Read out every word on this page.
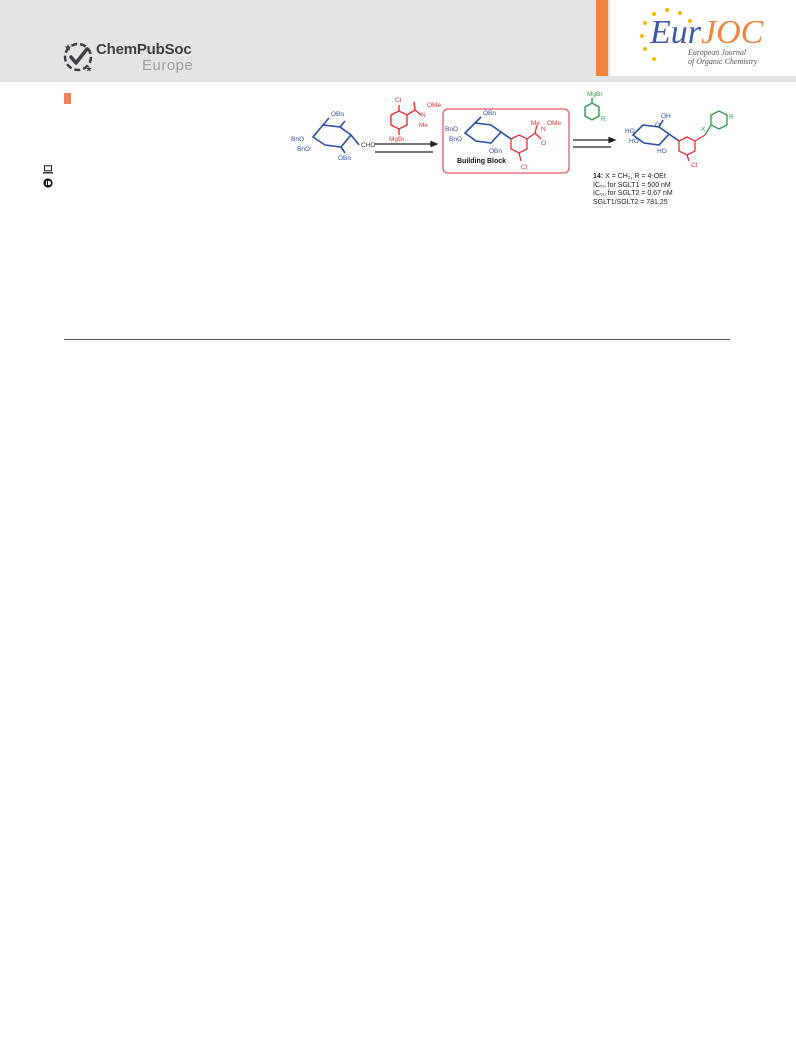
ChemPubSoc
Europe
EurJOC
European Journal
of Organic Chemistry
OBn
BnO
BnO
OBn
CHO
Cl
N
OMe
Me
MgBr
OBn
BnO
BnO
OBn
Building Block
Me
N
OMe
O
Cl
MgBr
R	OH
O
HO
HO
HO
X
R
Cl
14: X = CH₂, R = 4-OEt
IC₅₀ for SGLT1 = 500 nM
IC₅₀ for SGLT2 = 0.67 nM
SGLT1/SGLT2 = 781.25
